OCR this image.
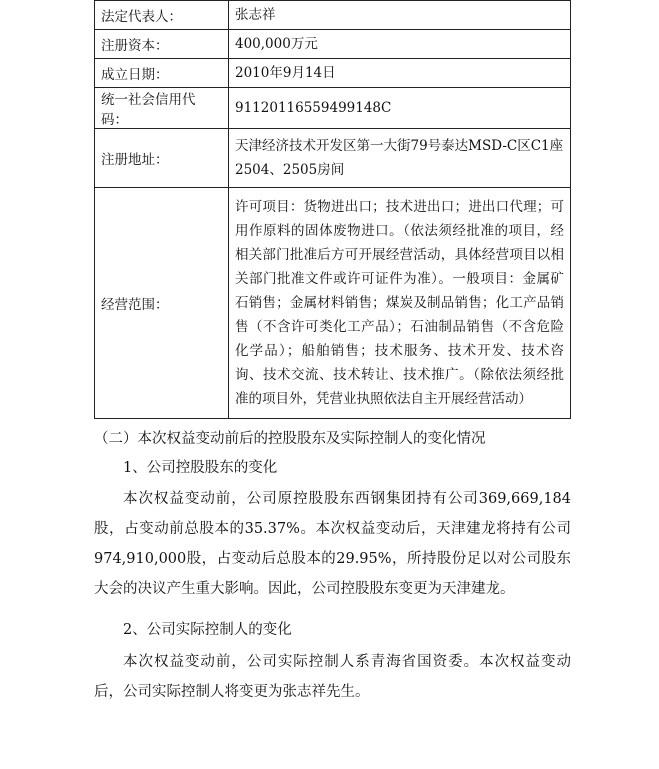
法定代表人：	张志祥
注册资本：	400,000万元
成立日期：	2010年9月14日
统一社会信用代码：	91120116559499148C
注册地址：	天津经济技术开发区第一大街79号泰达MSD-C区C1座2504、2505房间
经营范围：	许可项目：货物进出口；技术进出口；进出口代理；可用作原料的固体废物进口。（依法须经批准的项目，经相关部门批准后方可开展经营活动，具体经营项目以相关部门批准文件或许可证件为准）。一般项目：金属矿石销售；金属材料销售；煤炭及制品销售；化工产品销售（不含许可类化工产品）；石油制品销售（不含危险化学品）；船舶销售；技术服务、技术开发、技术咨询、技术交流、技术转让、技术推广。（除依法须经批准的项目外，凭营业执照依法自主开展经营活动）

（二）本次权益变动前后的控股股东及实际控制人的变化情况

1、公司控股股东的变化

本次权益变动前，公司原控股股东西钢集团持有公司369,669,184股，占变动前总股本的35.37%。本次权益变动后，天津建龙将持有公司974,910,000股，占变动后总股本的29.95%，所持股份足以对公司股东大会的决议产生重大影响。因此，公司控股股东变更为天津建龙。

2、公司实际控制人的变化

本次权益变动前，公司实际控制人系青海省国资委。本次权益变动后，公司实际控制人将变更为张志祥先生。
